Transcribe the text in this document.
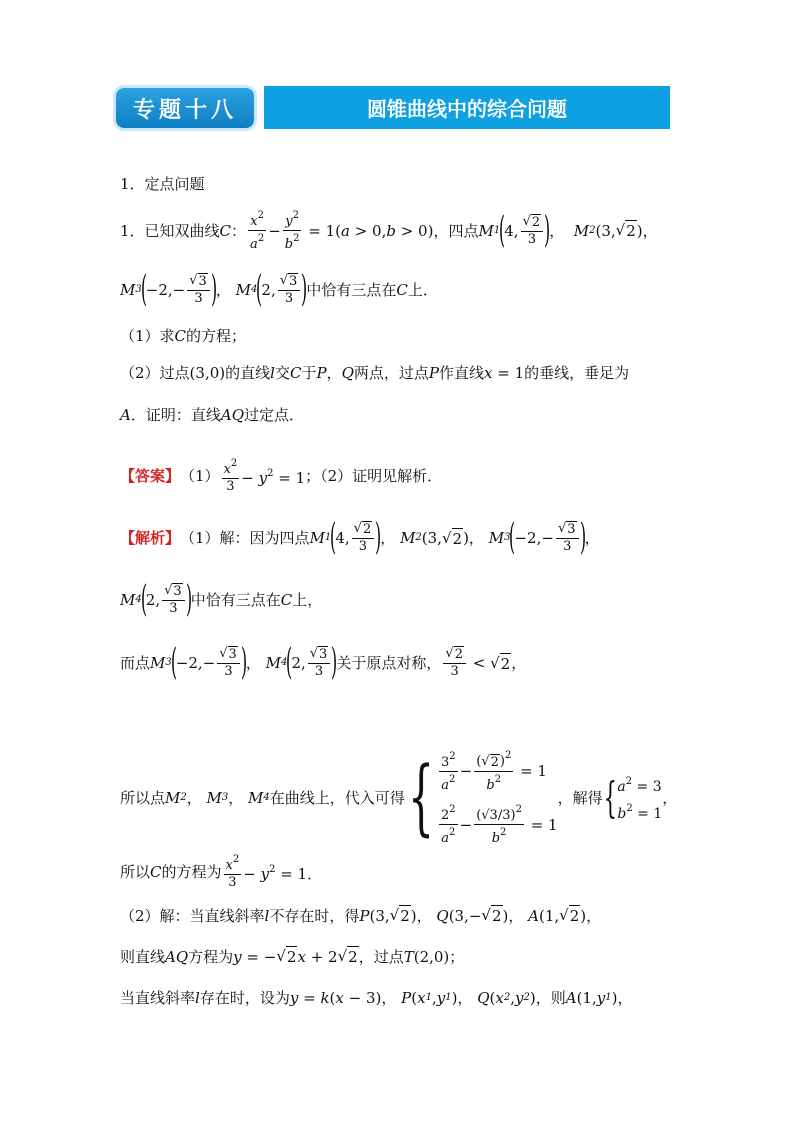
专题十八	圆锥曲线中的综合问题
1．定点问题
1．已知双曲线 C ： $\frac{x^2}{a^2} - \frac{y^2}{b^2} = 1(a > 0,b > 0)$ ，四点 M 1
(
4, $\frac{√ 2}{3}$ )
，
M 2 (3, √ 2 )，
M 3
(
$-2,- \frac{√ 3}{3}$ )
， M 4
(
2, $\frac{√ 3}{3}$ )
中恰有三点在 C 上．
（1）求 C 的方程；
（2）过点 (3,0) 的直线 l 交 C 于 P ， Q 两点，过点 P 作直线 x = 1 的垂线，垂足为
A ．证明：直线 AQ 过定点．
【答案】 $(1) \frac{x^2}{3} - y^2 = 1$ ；（2）证明见解析．
【解析】 （1）解：因为四点 M 1
(
4, $\frac{√ 2}{3}$ )
， M 2 (3, √ 2 )， M 3
(
$-2,- \frac{√ 3}{3}$ )
，
M 4
(
2, $\frac{√ 3}{3}$ )
中恰有三点在 C 上，
而点 M 3
(
$-2,- \frac{√ 3}{3}$ )
， M 4
(
2, $\frac{√ 3}{3}$ )
关于原点对称， $\frac{√ 2}{3}$ < √ 2 ，
所以点 M 2 ， M 3 ， M 4 在曲线上，代入可得 { $\frac{3^2}{a^2} - \frac{( √ 2 )^2}{b^2} = 1$
$\frac{2^2}{a^2} - \frac{(√3/3)^2}{b^2} = 1$
，解得 { $a^2 = 3$
$b^2 = 1$
，
所以 C 的方程为 $\frac{x^2}{3} - y^2 = 1$．
（2）解：当直线斜率 l 不存在时，得 P (3, √ 2 )， Q (3,− √ 2 )， A (1, √ 2 )，
则直线 AQ 方程为 y = − √ 2 x + 2 √ 2 ，过点 T (2,0)；
当直线斜率 l 存在时，设为 y = k(x − 3)， P (x 1 ,y 1 )， Q (x 2 ,y 2 ) ，则 A (1,y 1 )，
